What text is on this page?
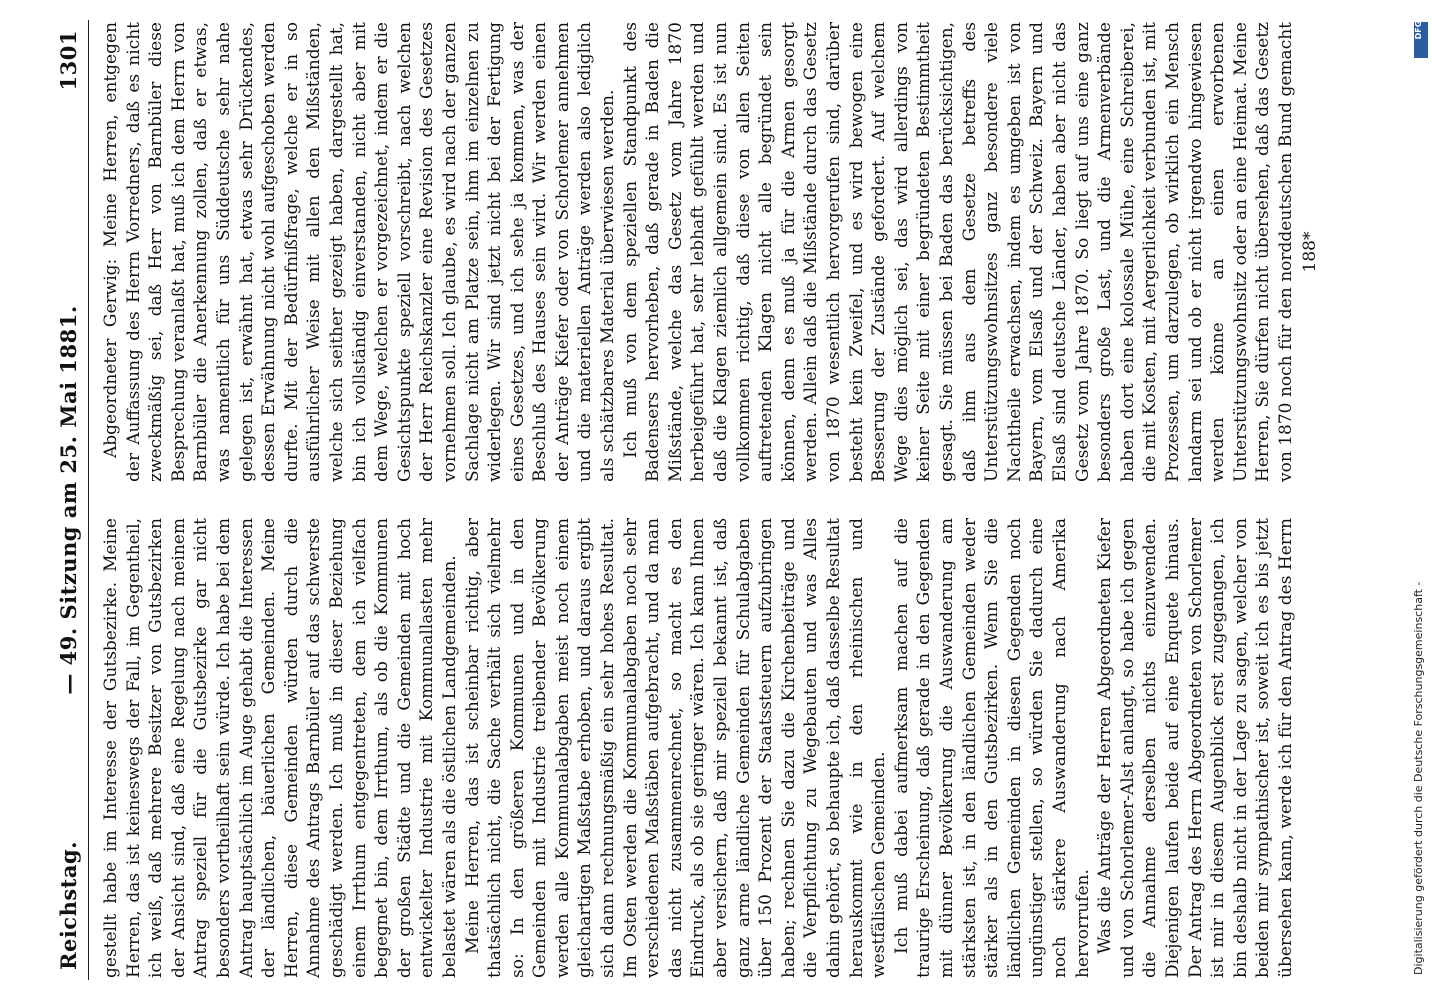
Reichstag.
— 49. Sitzung am 25. Mai 1881.
1301

gestellt habe im Interesse der Gutsbezirke. Meine Herren, das ist keineswegs der Fall, im Gegentheil, ich weiß, daß mehrere Besitzer von Gutsbezirken der Ansicht sind, daß eine Regelung nach meinem Antrag speziell für die Gutsbezirke gar nicht besonders vortheilhaft sein würde. Ich habe bei dem Antrag hauptsächlich im Auge gehabt die Interessen der ländlichen, bäuerlichen Gemeinden. Meine Herren, diese Gemeinden würden durch die Annahme des Antrags Barnbüler auf das schwerste geschädigt werden. Ich muß in dieser Beziehung einem Irrthum entgegentreten, dem ich vielfach begegnet bin, dem Irrthum, als ob die Kommunen der großen Städte und die Gemeinden mit hoch entwickelter Industrie mit Kommunallasten mehr belastet wären als die östlichen Landgemeinden. Meine Herren, das ist scheinbar richtig, aber thatsächlich nicht, die Sache verhält sich vielmehr so: In den größeren Kommunen und in den Gemeinden mit Industrie treibender Bevölkerung werden alle Kommunalabgaben meist noch einem gleichartigen Maßstabe erhoben, und daraus ergibt sich dann rechnungsmäßig ein sehr hohes Resultat. Im Osten werden die Kommunalabgaben noch sehr verschiedenen Maßstäben aufgebracht, und da man das nicht zusammenrechnet, so macht es den Eindruck, als ob sie geringer wären. Ich kann Ihnen aber versichern, daß mir speziell bekannt ist, daß ganz arme ländliche Gemeinden für Schulabgaben über 150 Prozent der Staatssteuern aufzubringen haben; rechnen Sie dazu die Kirchenbeiträge und die Verpflichtung zu Wegebauten und was Alles dahin gehört, so behaupte ich, daß dasselbe Resultat herauskommt wie in den rheinischen und westfälischen Gemeinden. Ich muß dabei aufmerksam machen auf die traurige Erscheinung, daß gerade in den Gegenden mit dünner Bevölkerung die Auswanderung am stärksten ist, in den ländlichen Gemeinden weder stärker als in den Gutsbezirken. Wenn Sie die ländlichen Gemeinden in diesen Gegenden noch ungünstiger stellen, so würden Sie dadurch eine noch stärkere Auswanderung nach Amerika hervorrufen. Was die Anträge der Herren Abgeordneten Kiefer und von Schorlemer-Alst anlangt, so habe ich gegen die Annahme derselben nichts einzuwenden. Diejenigen laufen beide auf eine Enquete hinaus. Der Antrag des Herrn Abgeordneten von Schorlemer ist mir in diesem Augenblick erst zugegangen, ich bin deshalb nicht in der Lage zu sagen, welcher von beiden mir sympathischer ist, soweit ich es bis jetzt übersehen kann, werde ich für den Antrag des Herrn

Abgeordneter Gerwig: Meine Herren, entgegen der Auffassung des Herrn Vorredners, daß es nicht zweckmäßig sei, daß Herr von Barnbüler diese Besprechung veranlaßt hat, muß ich dem Herrn von Barnbüler die Anerkennung zollen, daß er etwas, was namentlich für uns Süddeutsche sehr nahe gelegen ist, erwähnt hat, etwas sehr Drückendes, dessen Erwähnung nicht wohl aufgeschoben werden durfte. Mit der Bedürfnißfrage, welche er in so ausführlicher Weise mit allen den Mißständen, welche sich seither gezeigt haben, dargestellt hat, bin ich vollständig einverstanden, nicht aber mit dem Wege, welchen er vorgezeichnet, indem er die Gesichtspunkte speziell vorschreibt, nach welchen der Herr Reichskanzler eine Revision des Gesetzes vornehmen soll. Ich glaube, es wird nach der ganzen Sachlage nicht am Platze sein, ihm im einzelnen zu widerlegen. Wir sind jetzt nicht bei der Fertigung eines Gesetzes, und ich sehe ja kommen, was der Beschluß des Hauses sein wird. Wir werden einen der Anträge Kiefer oder von Schorlemer annehmen und die materiellen Anträge werden also lediglich als schätzbares Material überwiesen werden. Ich muß von dem speziellen Standpunkt des Badensers hervorheben, daß gerade in Baden die Mißstände, welche das Gesetz vom Jahre 1870 herbeigeführt hat, sehr lebhaft gefühlt werden und daß die Klagen ziemlich allgemein sind. Es ist nun vollkommen richtig, daß diese von allen Seiten auftretenden Klagen nicht alle begründet sein können, denn es muß ja für die Armen gesorgt werden. Allein daß die Mißstände durch das Gesetz von 1870 wesentlich hervorgerufen sind, darüber besteht kein Zweifel, und es wird bewogen eine Besserung der Zustände gefordert. Auf welchem Wege dies möglich sei, das wird allerdings von keiner Seite mit einer begründeten Bestimmtheit gesagt. Sie müssen bei Baden das berücksichtigen, daß ihm aus dem Gesetze betreffs des Unterstützungswohnsitzes ganz besondere viele Nachtheile erwachsen, indem es umgeben ist von Bayern, vom Elsaß und der Schweiz. Bayern und Elsaß sind deutsche Länder, haben aber nicht das Gesetz vom Jahre 1870. So liegt auf uns eine ganz besonders große Last, und die Armenverbände haben dort eine kolossale Mühe, eine Schreiberei, die mit Kosten, mit Aergerlichkeit verbunden ist, mit Prozessen, um darzulegen, ob wirklich ein Mensch landarm sei und ob er nicht irgendwo hingewiesen werden könne an einen erworbenen Unterstützungswohnsitz oder an eine Heimat. Meine Herren, Sie dürfen nicht übersehen, daß das Gesetz von 1870 noch für den norddeutschen Bund gemacht

188*
Digitalisierung gefördert durch die Deutsche Forschungsgemeinschaft -
DFG
